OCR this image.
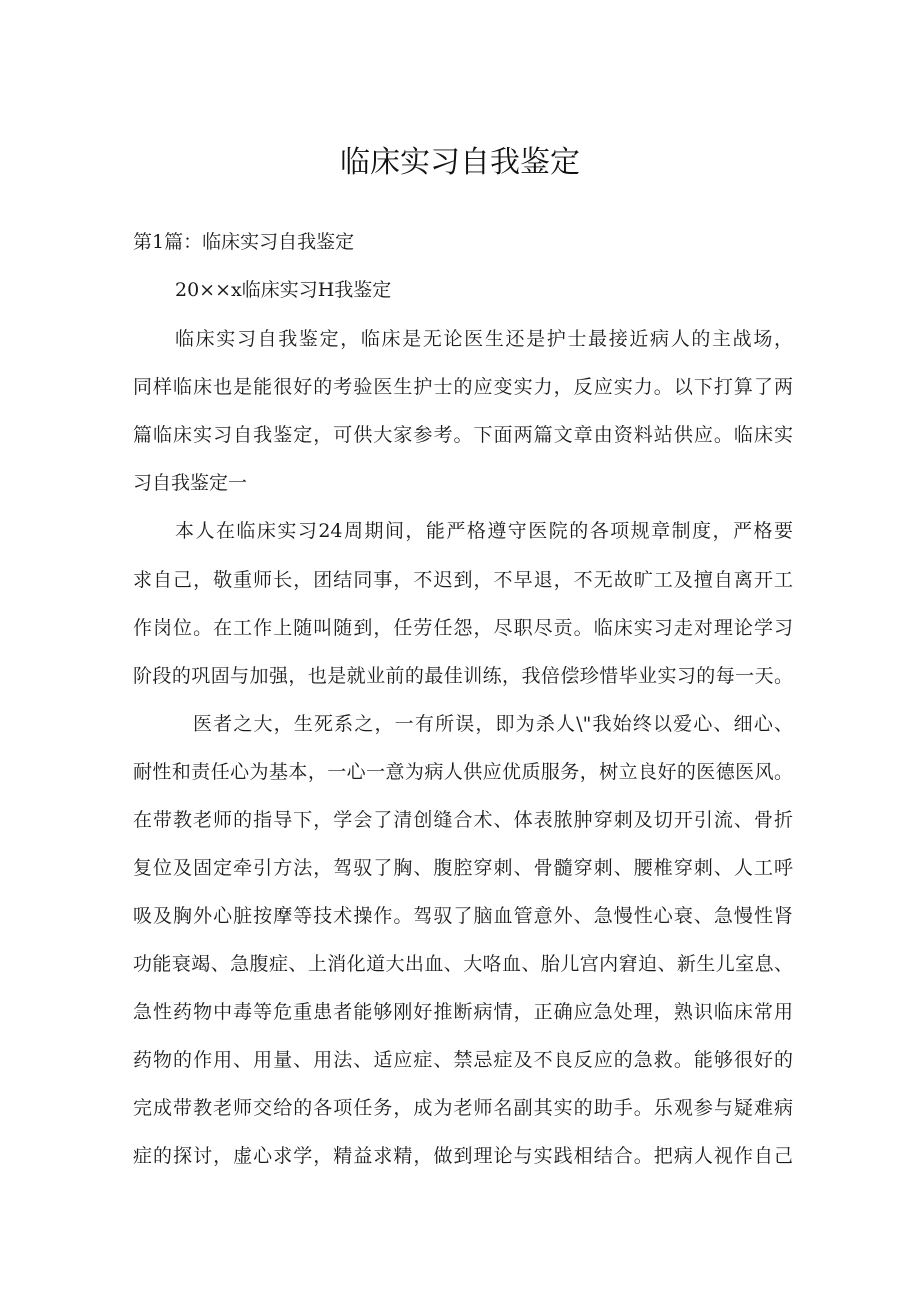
临床实习自我鉴定
第1篇：临床实习自我鉴定
20××x临床实习H我鉴定
临床实习自我鉴定，临床是无论医生还是护士最接近病人的主战场，
同样临床也是能很好的考验医生护士的应变实力，反应实力。以下打算了两
篇临床实习自我鉴定，可供大家参考。下面两篇文章由资料站供应。临床实
习自我鉴定一
本人在临床实习24周期间，能严格遵守医院的各项规章制度，严格要
求自己，敬重师长，团结同事，不迟到，不早退，不无故旷工及擅自离开工
作岗位。在工作上随叫随到，任劳任怨，尽职尽贡。临床实习走对理论学习
阶段的巩固与加强，也是就业前的最佳训练，我倍偿珍惜毕业实习的每一天。
医者之大，生死系之，一有所误，即为杀人\"我始终以爱心、细心、
耐性和责任心为基本，一心一意为病人供应优质服务，树立良好的医德医风。
在带教老师的指导下，学会了清创缝合术、体表脓肿穿刺及切开引流、骨折
复位及固定牵引方法，驾驭了胸、腹腔穿刺、骨髓穿刺、腰椎穿刺、人工呼
吸及胸外心脏按摩等技术操作。驾驭了脑血管意外、急慢性心衰、急慢性肾
功能衰竭、急腹症、上消化道大出血、大咯血、胎儿宫内窘迫、新生儿室息、
急性药物中毒等危重患者能够刚好推断病情，正确应急处理，熟识临床常用
药物的作用、用量、用法、适应症、禁忌症及不良反应的急救。能够很好的
完成带教老师交给的各项任务，成为老师名副其实的助手。乐观参与疑难病
症的探讨，虚心求学，精益求精，做到理论与实践相结合。把病人视作自己
